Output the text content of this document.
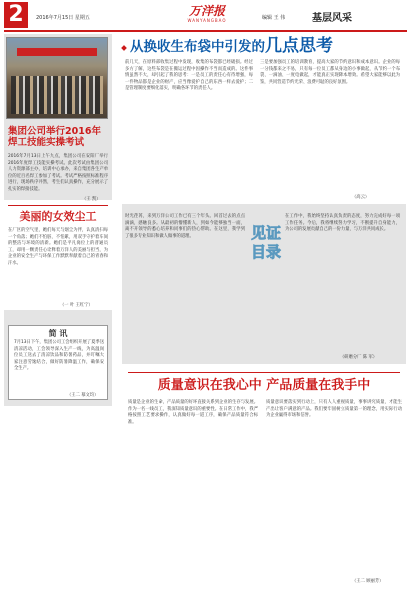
2	2016年7月15日 星期五	万洋报
WANYANGBAO	编辑 王 伟	基层风采
集团公司举行2016年焊工技能实操考试
2016年7月13日上午九点，集团公司在安阳厂举行2016年度焊工技能实操考试。此次考试由集团公司人力资源部主办，培训中心承办，来自集团各生产单位的近百名焊工参加了考试。考试严格按照标准程序进行，现场秩序井然，考生们认真操作，充分展示了扎实的焊接技能。
（王 凯）
美丽的女效尘工
在厂区的空气里，她们每天与烟尘为伴，认真清扫每一个角落；她们不怕脏、不怕累，用双手守护着车间的整洁与环境的清新。她们是平凡岗位上的普通员工，却用一颗责任心诠释着万洋人的美丽与担当，为企业的安全生产与环保工作默默奉献着自己的青春和汗水。
（一 叶 王红宁）
简 讯
7月13日下午，集团公司工会组织开展了夏季送清凉活动，工会领导深入生产一线，为高温岗位员工送去了清凉饮品和防暑药品，并叮嘱大家注意劳逸结合，做好防暑降温工作，确保安全生产。
（王二 慕文均）
从换收生布袋中引发的几点思考
前几天，在原料部收集过程中发现，收集的布袋都已经破损。经过多方了解，这些布袋是在搬运过程中因操作不当而造成的。这件事情虽然不大，却引起了我的思考：一是员工的责任心有待增强，每一件物品都是企业的财产，应当像爱护自己的东西一样去爱护；二是管理制度要细化落实，明确各环节的责任人。
三是要加强员工的培训教育，提高大家的节约意识和成本意识。企业的每一分钱都来之不易，只有每一位员工都从身边的小事做起，从节约一个布袋、一滴油、一度电做起，才能真正实现降本增效。希望大家能够以此为鉴，共同营造节约光荣、浪费可耻的良好氛围。
（高云）
时光荏苒，来到万洋公司工作已有三个年头。回首过去的点点滴滴，感触良多。从最初的懵懂新人，到如今能够独当一面，离不开领导的悉心培养和同事们的热心帮助。在这里，我学到了很多专业知识和做人做事的道理。	见证目录
在工作中，我始终坚持认真负责的态度，努力完成好每一项工作任务。今后，我将继续努力学习，不断提升自身能力，为公司的发展贡献自己的一份力量，与万洋共同成长。
（研磨分厂 陈 军）
质量意识在我心中 产品质量在我手中
质量是企业的生命，产品质量的好坏直接关系到企业的生存与发展。作为一名一线员工，我深知质量意识的重要性。在日常工作中，我严格按照工艺要求操作，认真做好每一道工序，确保产品质量符合标准。
质量意识要落实到行动上，只有人人重视质量，事事讲究质量，才能生产出让客户满意的产品。我们要牢固树立质量第一的理念，用实际行动为企业赢得市场和信誉。
（王二 顾丽芳）
